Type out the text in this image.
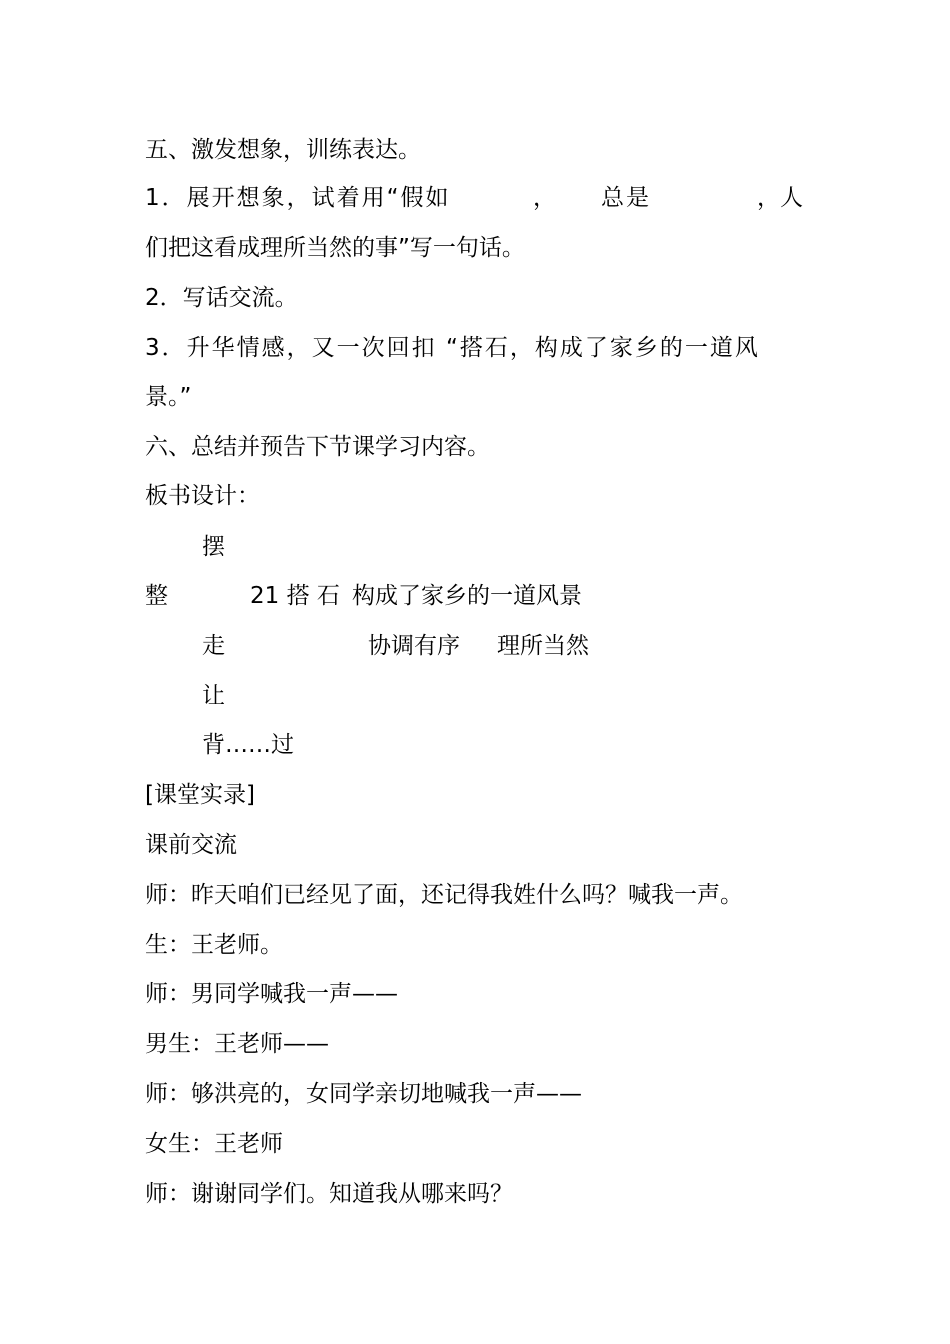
五、激发想象，训练表达。
1．展开想象，试着用“假如	， 总是	，人
们把这看成理所当然的事”写一句话。
2．写话交流。
3．升华情感，又一次回扣 “搭石，构成了家乡的一道风
景。”
六、总结并预告下节课学习内容。
板书设计：
摆
整	21 搭 石 构成了家乡的一道风景
走	协调有序 理所当然
让
背……过
[课堂实录]
课前交流
师：昨天咱们已经见了面，还记得我姓什么吗？喊我一声。
生：王老师。
师：男同学喊我一声——
男生：王老师——
师：够洪亮的，女同学亲切地喊我一声——
女生：王老师
师：谢谢同学们。知道我从哪来吗？
